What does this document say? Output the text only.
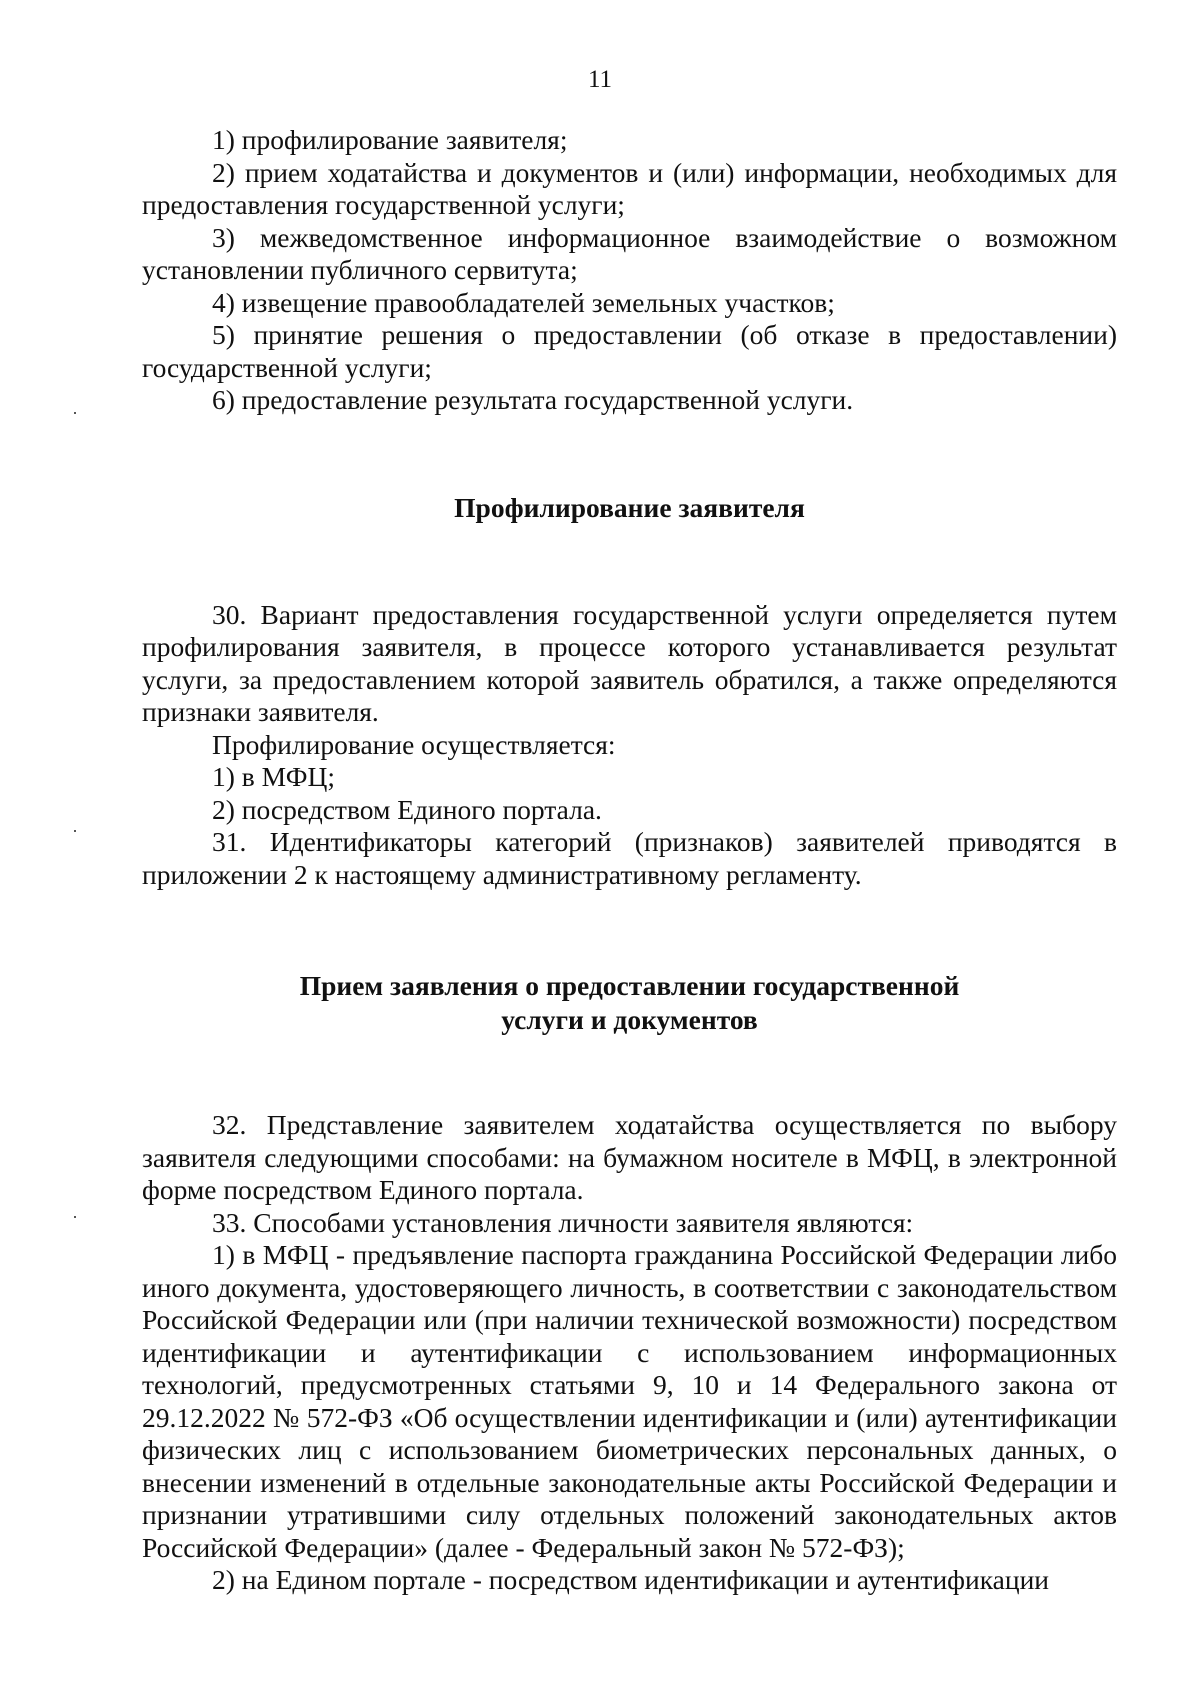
11

1) профилирование заявителя;

2) прием ходатайства и документов и (или) информации, необходимых для предоставления государственной услуги;

3) межведомственное информационное взаимодействие о возможном установлении публичного сервитута;

4) извещение правообладателей земельных участков;

5) принятие решения о предоставлении (об отказе в предоставлении) государственной услуги;

6) предоставление результата государственной услуги.

Профилирование заявителя

30. Вариант предоставления государственной услуги определяется путем профилирования заявителя, в процессе которого устанавливается результат услуги, за предоставлением которой заявитель обратился, а также определяются признаки заявителя.

Профилирование осуществляется:

1) в МФЦ;

2) посредством Единого портала.

31. Идентификаторы категорий (признаков) заявителей приводятся в приложении 2 к настоящему административному регламенту.

Прием заявления о предоставлении государственной
услуги и документов

32. Представление заявителем ходатайства осуществляется по выбору заявителя следующими способами: на бумажном носителе в МФЦ, в электронной форме посредством Единого портала.

33. Способами установления личности заявителя являются:

1) в МФЦ - предъявление паспорта гражданина Российской Федерации либо иного документа, удостоверяющего личность, в соответствии с законодательством Российской Федерации или (при наличии технической возможности) посредством идентификации и аутентификации с использованием информационных технологий, предусмотренных статьями 9, 10 и 14 Федерального закона от 29.12.2022 № 572-ФЗ «Об осуществлении идентификации и (или) аутентификации физических лиц с использованием биометрических персональных данных, о внесении изменений в отдельные законодательные акты Российской Федерации и признании утратившими силу отдельных положений законодательных актов Российской Федерации» (далее - Федеральный закон № 572-ФЗ);

2) на Едином портале - посредством идентификации и аутентификации
